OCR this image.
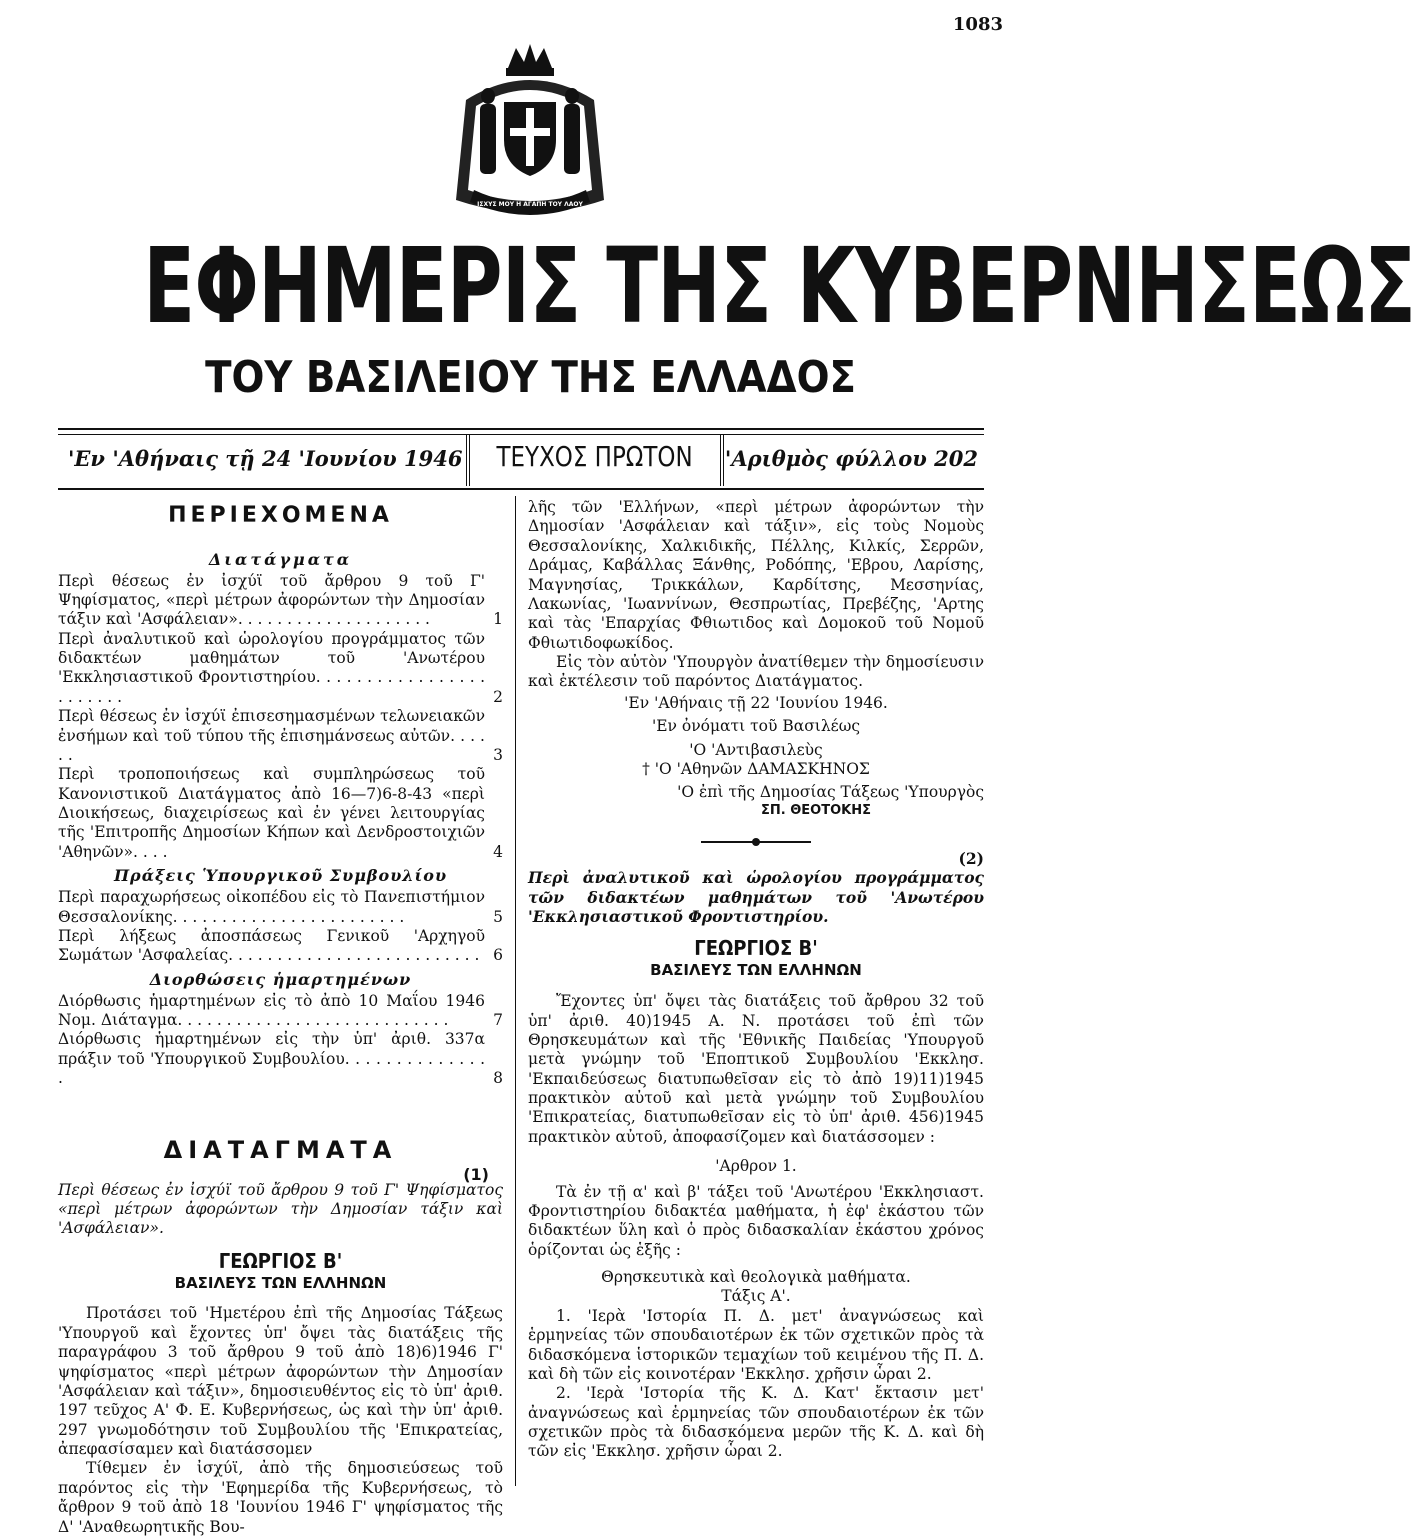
1083
ΙΣΧΥΣ ΜΟΥ Η ΑΓΑΠΗ ΤΟΥ ΛΑΟΥ
ΕΦΗΜΕΡΙΣ ΤΗΣ ΚΥΒΕΡΝΗΣΕΩΣ
ΤΟΥ ΒΑΣΙΛΕΙΟΥ ΤΗΣ ΕΛΛΑΔΟΣ
'Εν 'Αθήναις τῇ 24 'Ιουνίου 1946	ΤΕΥΧΟΣ ΠΡΩΤΟΝ	'Αριθμὸς φύλλου 202
ΠΕΡΙΕΧΟΜΕΝΑ
Διατάγματα
Περὶ θέσεως ἐν ἰσχύϊ τοῦ ἄρθρου 9 τοῦ Γ' Ψηφίσματος, «περὶ μέτρων ἀφορώντων τὴν Δημοσίαν τάξιν καὶ 'Ασφάλειαν». . . . . . . . . . . . . . . . . . . .	1
Περὶ ἀναλυτικοῦ καὶ ὡρολογίου προγράμματος τῶν διδακτέων μαθημάτων τοῦ 'Ανωτέρου 'Εκκλησιαστικοῦ Φροντιστηρίου. . . . . . . . . . . . . . . . . . . . . . . .	2
Περὶ θέσεως ἐν ἰσχύϊ ἐπισεσημασμένων τελωνειακῶν ἐνσήμων καὶ τοῦ τύπου τῆς ἐπισημάνσεως αὐτῶν. . . . . .	3
Περὶ τροποποιήσεως καὶ συμπληρώσεως τοῦ Κανονιστικοῦ Διατάγματος ἀπὸ 16—7)6-8-43 «περὶ Διοικήσεως, διαχειρίσεως καὶ ἐν γένει λειτουργίας τῆς 'Επιτροπῆς Δημοσίων Κήπων καὶ Δενδροστοιχιῶν 'Αθηνῶν». . . .	4
Πράξεις Ὑπουργικοῦ Συμβουλίου
Περὶ παραχωρήσεως οἰκοπέδου εἰς τὸ Πανεπιστήμιον Θεσσαλονίκης. . . . . . . . . . . . . . . . . . . . . . . .	5
Περὶ λήξεως ἀποσπάσεως Γενικοῦ 'Αρχηγοῦ Σωμάτων 'Ασφαλείας. . . . . . . . . . . . . . . . . . . . . . . . . . 6
Διορθώσεις ἡμαρτημένων
Διόρθωσις ἡμαρτημένων εἰς τὸ ἀπὸ 10 Μαΐου 1946 Νομ. Διάταγμα. . . . . . . . . . . . . . . . . . . . . . . . . . . .	7
Διόρθωσις ἡμαρτημένων εἰς τὴν ὑπ' ἀριθ. 337α πράξιν τοῦ 'Υπουργικοῦ Συμβουλίου. . . . . . . . . . . . . . .	8
ΔΙΑΤΑΓΜΑΤΑ
(1)

Περὶ θέσεως ἐν ἰσχύϊ τοῦ ἄρθρου 9 τοῦ Γ' Ψηφίσματος «περὶ μέτρων ἀφορώντων τὴν Δημοσίαν τάξιν καὶ 'Ασφάλειαν».

ΓΕΩΡΓΙΟΣ Β'
ΒΑΣΙΛΕΥΣ ΤΩΝ ΕΛΛΗΝΩΝ

Προτάσει τοῦ 'Ημετέρου ἐπὶ τῆς Δημοσίας Τάξεως 'Υπουργοῦ καὶ ἔχοντες ὑπ' ὄψει τὰς διατάξεις τῆς παραγράφου 3 τοῦ ἄρθρου 9 τοῦ ἀπὸ 18)6)1946 Γ' ψηφίσματος «περὶ μέτρων ἀφορώντων τὴν Δημοσίαν 'Ασφάλειαν καὶ τάξιν», δημοσιευθέντος εἰς τὸ ὑπ' ἀριθ. 197 τεῦχος Α' Φ. Ε. Κυβερνήσεως, ὡς καὶ τὴν ὑπ' ἀριθ. 297 γνωμοδότησιν τοῦ Συμβουλίου τῆς 'Επικρατείας, ἀπεφασίσαμεν καὶ διατάσσομεν

Τίθεμεν ἐν ἰσχύϊ, ἀπὸ τῆς δημοσιεύσεως τοῦ παρόντος εἰς τὴν 'Εφημερίδα τῆς Κυβερνήσεως, τὸ ἄρθρον 9 τοῦ ἀπὸ 18 'Ιουνίου 1946 Γ' ψηφίσματος τῆς Δ' 'Αναθεωρητικῆς Βου-

λῆς τῶν 'Ελλήνων, «περὶ μέτρων ἀφορώντων τὴν Δημοσίαν 'Ασφάλειαν καὶ τάξιν», εἰς τοὺς Νομοὺς Θεσσαλονίκης, Χαλκιδικῆς, Πέλλης, Κιλκίς, Σερρῶν, Δράμας, Καβάλλας Ξάνθης, Ροδόπης, 'Εβρου, Λαρίσης, Μαγνησίας, Τρικκάλων, Καρδίτσης, Μεσσηνίας, Λακωνίας, 'Ιωαννίνων, Θεσπρωτίας, Πρεβέζης, 'Αρτης καὶ τὰς 'Επαρχίας Φθιωτιδος καὶ Δομοκοῦ τοῦ Νομοῦ Φθιωτιδοφωκίδος.

Εἰς τὸν αὐτὸν 'Υπουργὸν ἀνατίθεμεν τὴν δημοσίευσιν καὶ ἐκτέλεσιν τοῦ παρόντος Διατάγματος.

'Εν 'Αθήναις τῇ 22 'Ιουνίου 1946.

'Εν ὀνόματι τοῦ Βασιλέως

'Ο 'Αντιβασιλεὺς

† 'Ο 'Αθηνῶν ΔΑΜΑΣΚΗΝΟΣ

'Ο ἐπὶ τῆς Δημοσίας Τάξεως 'Υπουργὸς

ΣΠ. ΘΕΟΤΟΚΗΣ

(2)

Περὶ ἀναλυτικοῦ καὶ ὡρολογίου προγράμματος τῶν διδακτέων μαθημάτων τοῦ 'Ανωτέρου 'Εκκλησιαστικοῦ Φροντιστηρίου.

ΓΕΩΡΓΙΟΣ Β'
ΒΑΣΙΛΕΥΣ ΤΩΝ ΕΛΛΗΝΩΝ

Ἔχοντες ὑπ' ὄψει τὰς διατάξεις τοῦ ἄρθρου 32 τοῦ ὑπ' ἀριθ. 40)1945 Α. Ν. προτάσει τοῦ ἐπὶ τῶν Θρησκευμάτων καὶ τῆς 'Εθνικῆς Παιδείας 'Υπουργοῦ μετὰ γνώμην τοῦ 'Εποπτικοῦ Συμβουλίου 'Εκκλησ. 'Εκπαιδεύσεως διατυπωθεῖσαν εἰς τὸ ἀπὸ 19)11)1945 πρακτικὸν αὐτοῦ καὶ μετὰ γνώμην τοῦ Συμβουλίου 'Επικρατείας, διατυπωθεῖσαν εἰς τὸ ὑπ' ἀριθ. 456)1945 πρακτικὸν αὐτοῦ, ἀποφασίζομεν καὶ διατάσσομεν :

'Αρθρον 1.

Τὰ ἐν τῇ α' καὶ β' τάξει τοῦ 'Ανωτέρου 'Εκκλησιαστ. Φροντιστηρίου διδακτέα μαθήματα, ἡ ἐφ' ἑκάστου τῶν διδακτέων ὕλη καὶ ὁ πρὸς διδασκαλίαν ἑκάστου χρόνος ὁρίζονται ὡς ἑξῆς :

Θρησκευτικὰ καὶ θεολογικὰ μαθήματα.

Τάξις Α'.

1. 'Ιερὰ 'Ιστορία Π. Δ. μετ' ἀναγνώσεως καὶ ἑρμηνείας τῶν σπουδαιοτέρων ἐκ τῶν σχετικῶν πρὸς τὰ διδασκόμενα ἱστορικῶν τεμαχίων τοῦ κειμένου τῆς Π. Δ. καὶ δὴ τῶν εἰς κοινοτέραν 'Εκκλησ. χρῆσιν ὧραι 2.

2. 'Ιερὰ 'Ιστορία τῆς Κ. Δ. Κατ' ἔκτασιν μετ' ἀναγνώσεως καὶ ἑρμηνείας τῶν σπουδαιοτέρων ἐκ τῶν σχετικῶν πρὸς τὰ διδασκόμενα μερῶν τῆς Κ. Δ. καὶ δὴ τῶν εἰς 'Εκκλησ. χρῆσιν ὧραι 2.
